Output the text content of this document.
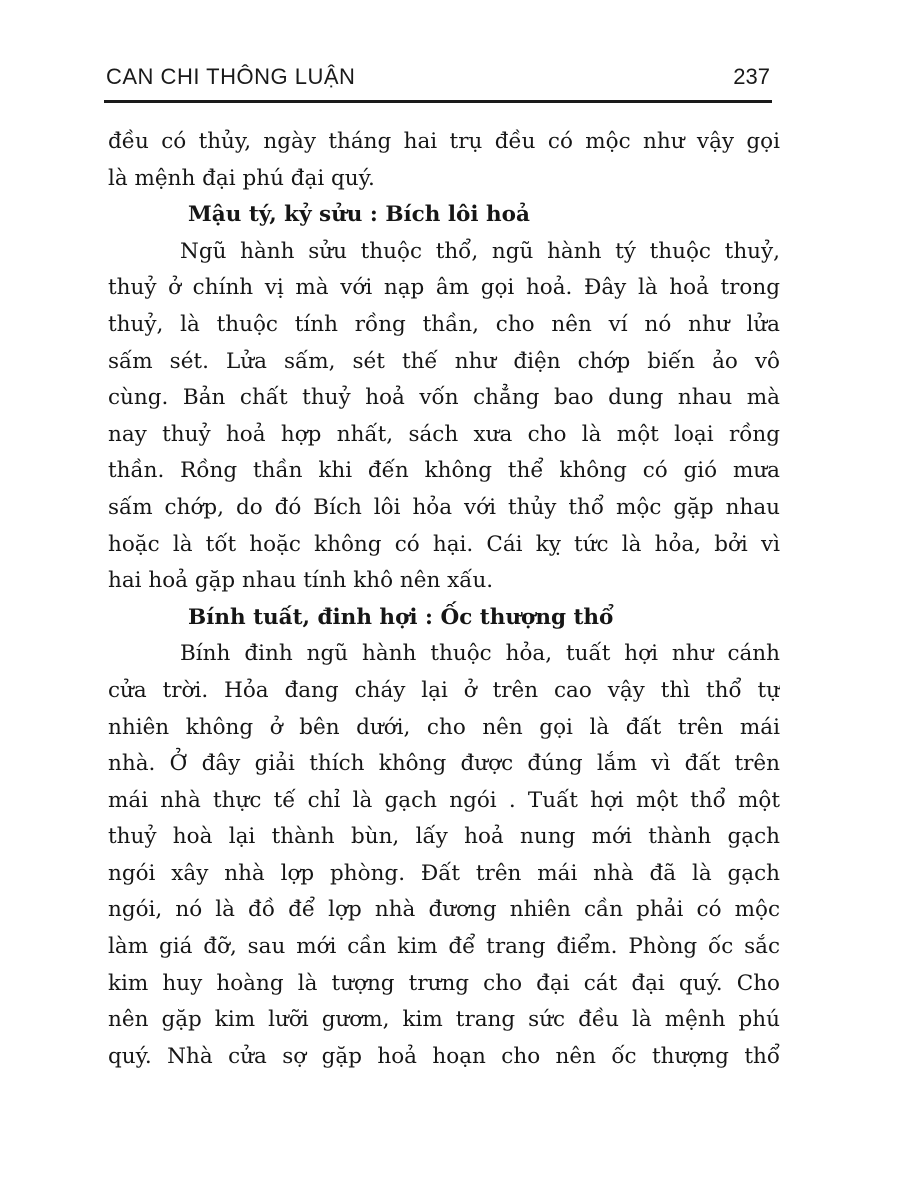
CAN CHI THÔNG LUẬN	237
đều có thủy, ngày tháng hai trụ đều có mộc như vậy gọi
là mệnh đại phú đại quý.
Mậu tý, kỷ sửu : Bích lôi hoả
Ngũ hành sửu thuộc thổ, ngũ hành tý thuộc thuỷ,
thuỷ ở chính vị mà với nạp âm gọi hoả. Đây là hoả trong
thuỷ, là thuộc tính rồng thần, cho nên ví nó như lửa
sấm sét. Lửa sấm, sét thế như điện chớp biến ảo vô
cùng. Bản chất thuỷ hoả vốn chẳng bao dung nhau mà
nay thuỷ hoả hợp nhất, sách xưa cho là một loại rồng
thần. Rồng thần khi đến không thể không có gió mưa
sấm chớp, do đó Bích lôi hỏa với thủy thổ mộc gặp nhau
hoặc là tốt hoặc không có hại. Cái kỵ tức là hỏa, bởi vì
hai hoả gặp nhau tính khô nên xấu.
Bính tuất, đinh hợi : Ốc thượng thổ
Bính đinh ngũ hành thuộc hỏa, tuất hợi như cánh
cửa trời. Hỏa đang cháy lại ở trên cao vậy thì thổ tự
nhiên không ở bên dưới, cho nên gọi là đất trên mái
nhà. Ở đây giải thích không được đúng lắm vì đất trên
mái nhà thực tế chỉ là gạch ngói . Tuất hợi một thổ một
thuỷ hoà lại thành bùn, lấy hoả nung mới thành gạch
ngói xây nhà lợp phòng. Đất trên mái nhà đã là gạch
ngói, nó là đồ để lợp nhà đương nhiên cần phải có mộc
làm giá đỡ, sau mới cần kim để trang điểm. Phòng ốc sắc
kim huy hoàng là tượng trưng cho đại cát đại quý. Cho
nên gặp kim lưỡi gươm, kim trang sức đều là mệnh phú
quý. Nhà cửa sợ gặp hoả hoạn cho nên ốc thượng thổ
